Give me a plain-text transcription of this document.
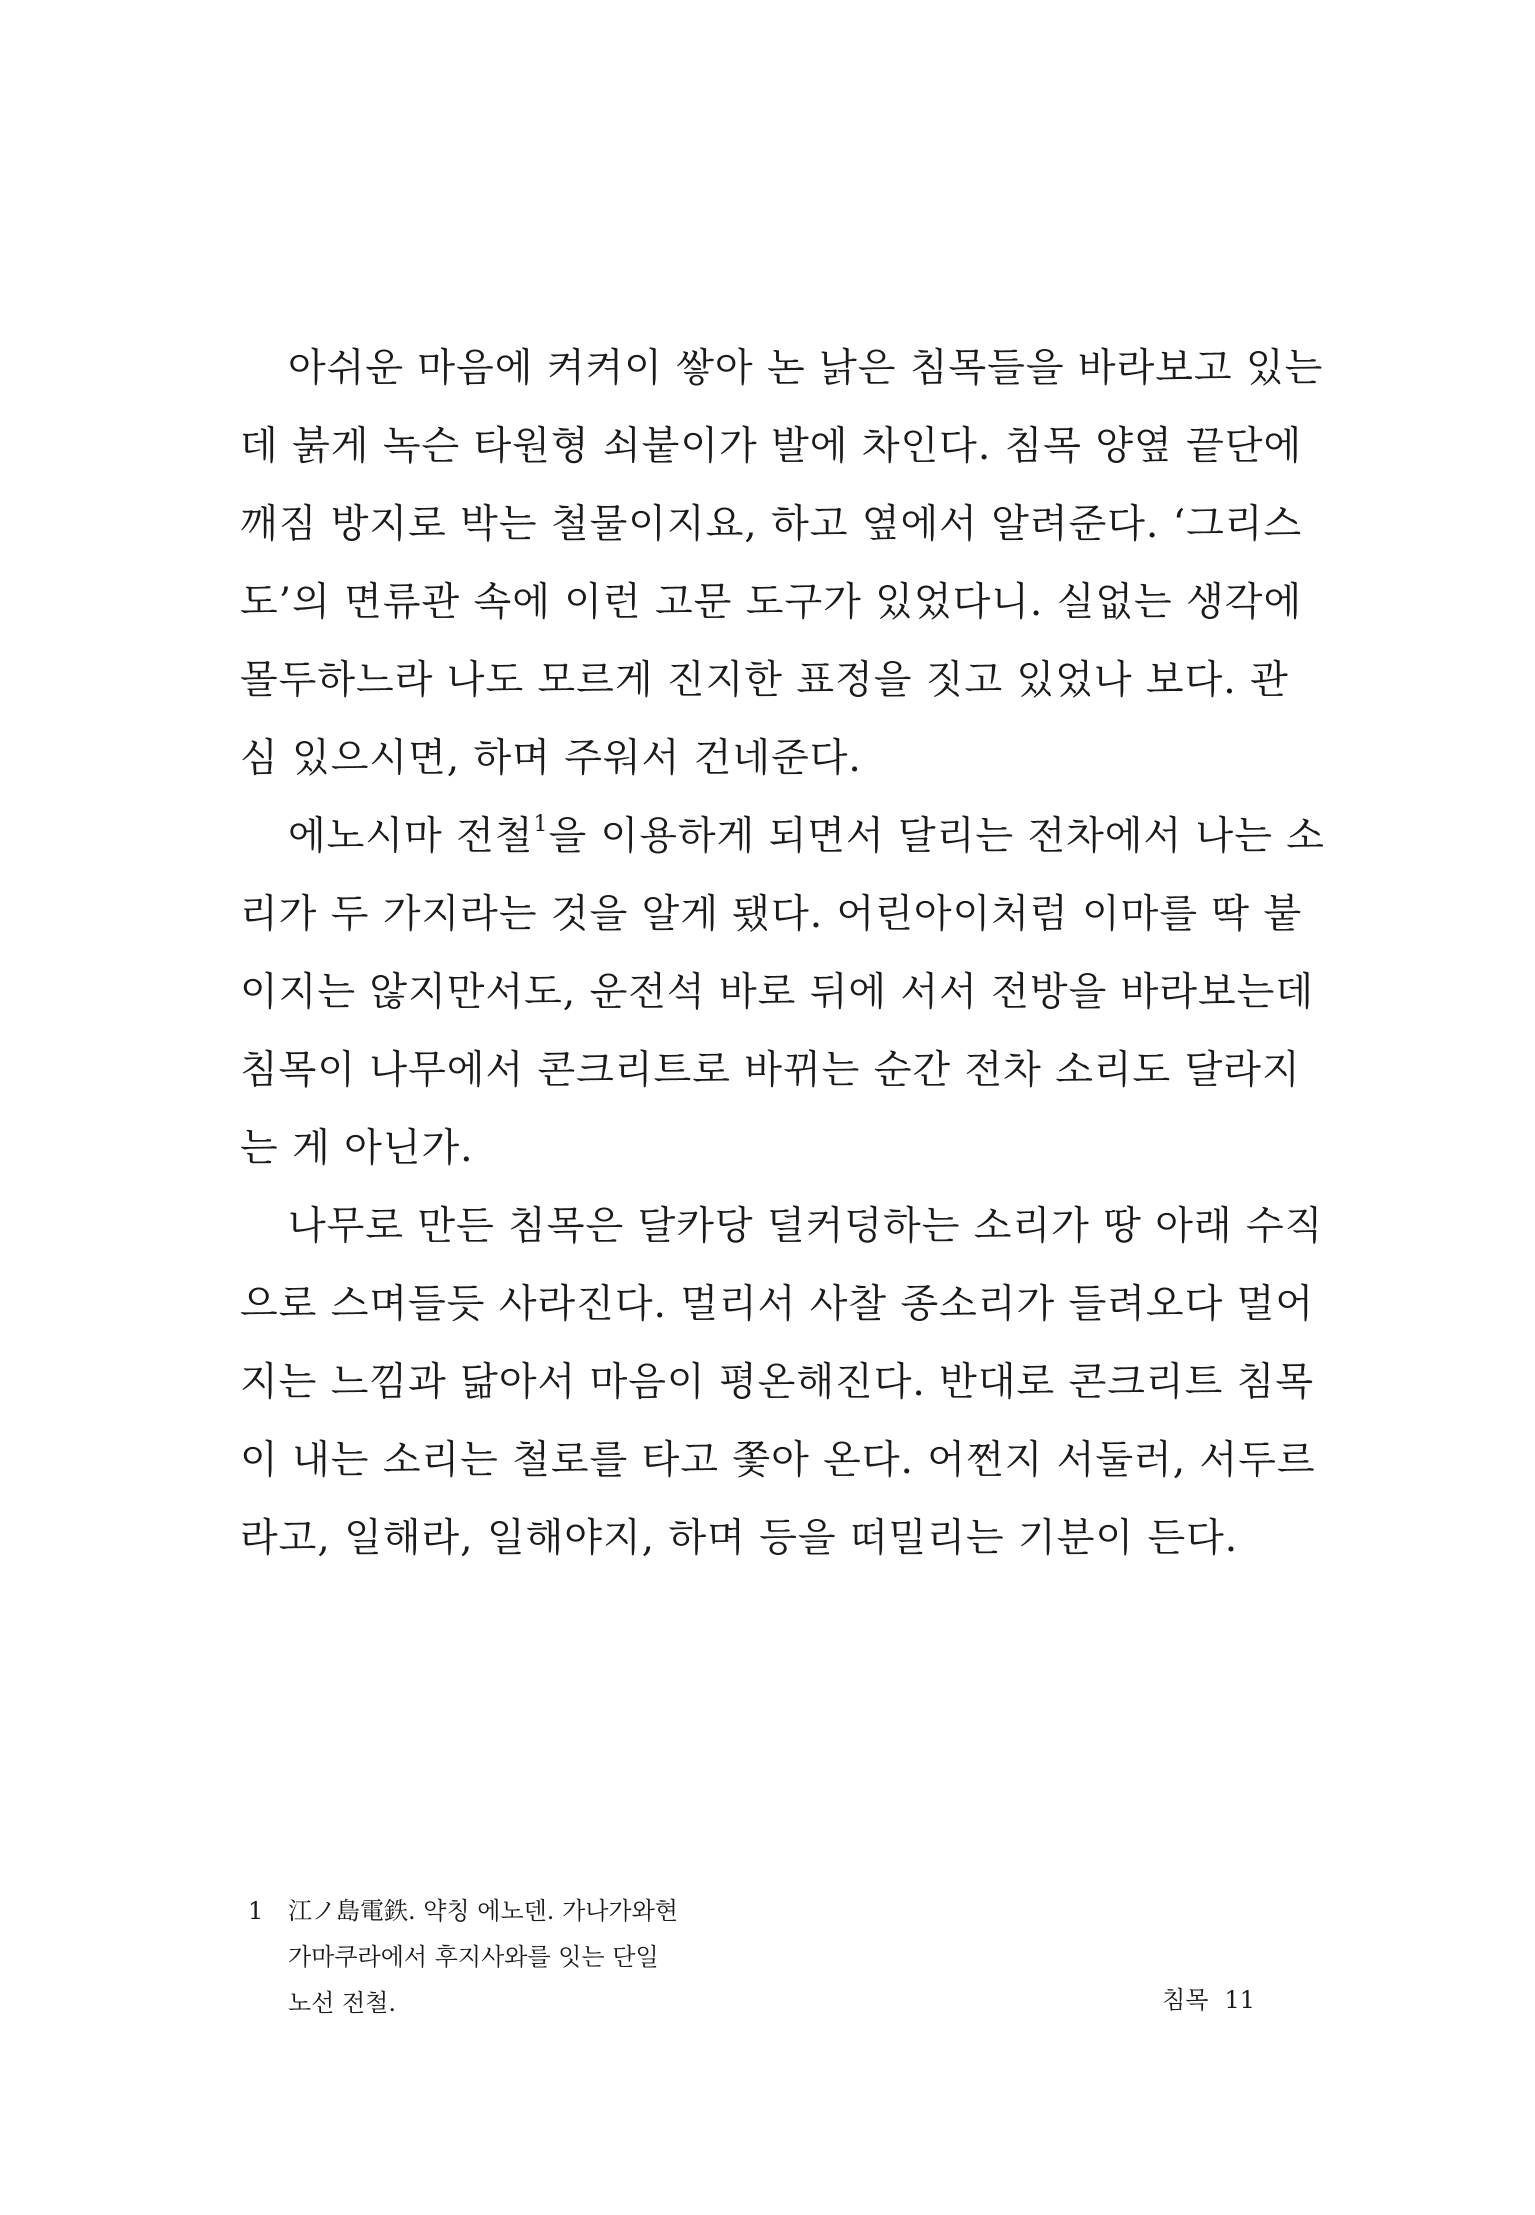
아쉬운 마음에 켜켜이 쌓아 논 낡은 침목들을 바라보고 있는
데 붉게 녹슨 타원형 쇠붙이가 발에 차인다. 침목 양옆 끝단에
깨짐 방지로 박는 철물이지요, 하고 옆에서 알려준다. ‘그리스
도’의 면류관 속에 이런 고문 도구가 있었다니. 실없는 생각에
몰두하느라 나도 모르게 진지한 표정을 짓고 있었나 보다. 관
심 있으시면, 하며 주워서 건네준다.
에노시마 전철$^1$을 이용하게 되면서 달리는 전차에서 나는 소
리가 두 가지라는 것을 알게 됐다. 어린아이처럼 이마를 딱 붙
이지는 않지만서도, 운전석 바로 뒤에 서서 전방을 바라보는데
침목이 나무에서 콘크리트로 바뀌는 순간 전차 소리도 달라지
는 게 아닌가.
나무로 만든 침목은 달카당 덜커덩하는 소리가 땅 아래 수직
으로 스며들듯 사라진다. 멀리서 사찰 종소리가 들려오다 멀어
지는 느낌과 닮아서 마음이 평온해진다. 반대로 콘크리트 침목
이 내는 소리는 철로를 타고 쫓아 온다. 어쩐지 서둘러, 서두르
라고, 일해라, 일해야지, 하며 등을 떠밀리는 기분이 든다.
1 江ノ島電鉄. 약칭 에노덴. 가나가와현
가마쿠라에서 후지사와를 잇는 단일
노선 전철.	침목 11
